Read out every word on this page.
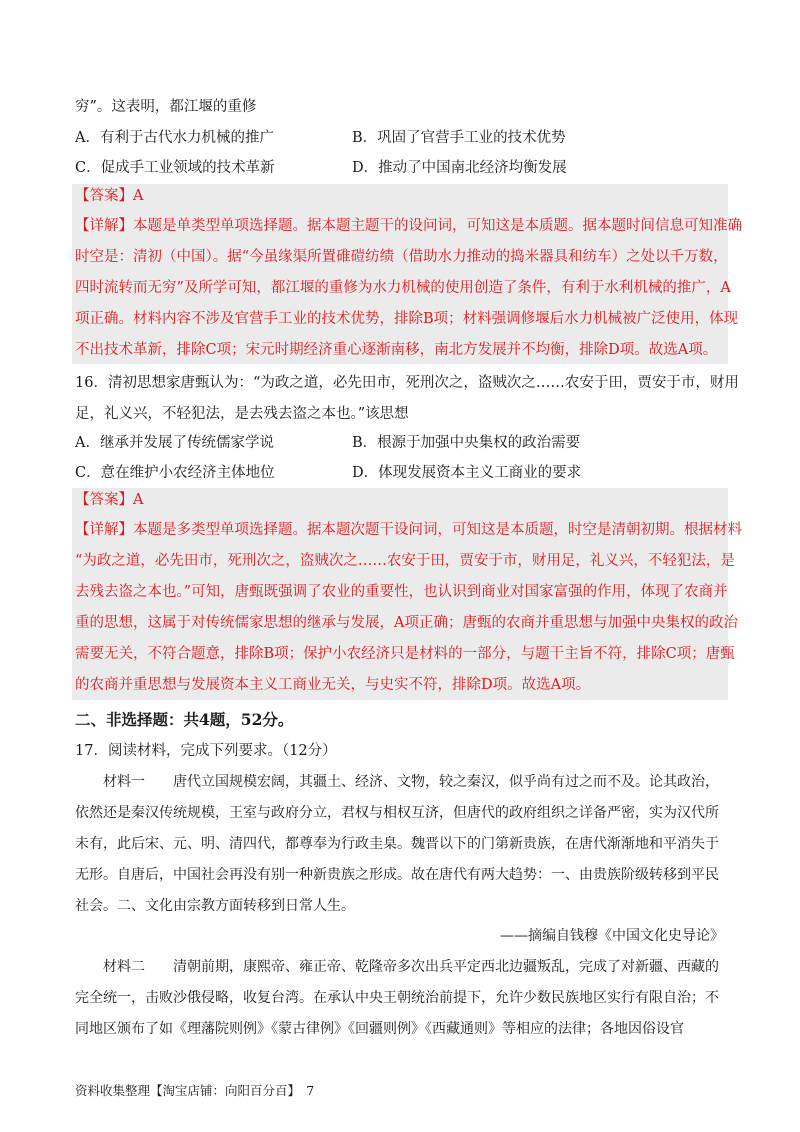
穷”。这表明，都江堰的重修
A．有利于古代水力机械的推广	B．巩固了官营手工业的技术优势
C．促成手工业领域的技术革新	D．推动了中国南北经济均衡发展
【答案】A
【详解】本题是单类型单项选择题。据本题主题干的设问词，可知这是本质题。据本题时间信息可知准确
时空是：清初（中国）。据“今虽缘渠所置碓磑纺绩（借助水力推动的捣米器具和纺车）之处以千万数，
四时流转而无穷”及所学可知，都江堰的重修为水力机械的使用创造了条件，有利于水利机械的推广，A
项正确。材料内容不涉及官营手工业的技术优势，排除B项；材料强调修堰后水力机械被广泛使用，体现
不出技术革新，排除C项；宋元时期经济重心逐渐南移，南北方发展并不均衡，排除D项。故选A项。
16．清初思想家唐甄认为：“为政之道，必先田市，死刑次之，盗贼次之……农安于田，贾安于市，财用
足，礼义兴，不轻犯法，是去残去盗之本也。”该思想
A．继承并发展了传统儒家学说	B．根源于加强中央集权的政治需要
C．意在维护小农经济主体地位	D．体现发展资本主义工商业的要求
【答案】A
【详解】本题是多类型单项选择题。据本题次题干设问词，可知这是本质题，时空是清朝初期。根据材料
“为政之道，必先田市，死刑次之，盗贼次之……农安于田，贾安于市，财用足，礼义兴，不轻犯法，是
去残去盗之本也。”可知，唐甄既强调了农业的重要性，也认识到商业对国家富强的作用，体现了农商并
重的思想，这属于对传统儒家思想的继承与发展，A项正确；唐甄的农商并重思想与加强中央集权的政治
需要无关，不符合题意，排除B项；保护小农经济只是材料的一部分，与题干主旨不符，排除C项；唐甄
的农商并重思想与发展资本主义工商业无关，与史实不符，排除D项。故选A项。
二、非选择题：共4题，52分。
17．阅读材料，完成下列要求。（12分）
材料一　　唐代立国规模宏阔，其疆土、经济、文物，较之秦汉，似乎尚有过之而不及。论其政治，
依然还是秦汉传统规模，王室与政府分立，君权与相权互济，但唐代的政府组织之详备严密，实为汉代所
未有，此后宋、元、明、清四代，都尊奉为行政圭臬。魏晋以下的门第新贵族，在唐代渐渐地和平消失于
无形。自唐后，中国社会再没有别一种新贵族之形成。故在唐代有两大趋势：一、由贵族阶级转移到平民
社会。二、文化由宗教方面转移到日常人生。
——摘编自钱穆《中国文化史导论》
材料二　　清朝前期，康熙帝、雍正帝、乾隆帝多次出兵平定西北边疆叛乱，完成了对新疆、西藏的
完全统一，击败沙俄侵略，收复台湾。在承认中央王朝统治前提下，允许少数民族地区实行有限自治；不
同地区颁布了如《理藩院则例》《蒙古律例》《回疆则例》《西藏通则》等相应的法律；各地因俗设官
资料收集整理【淘宝店铺：向阳百分百】　7
